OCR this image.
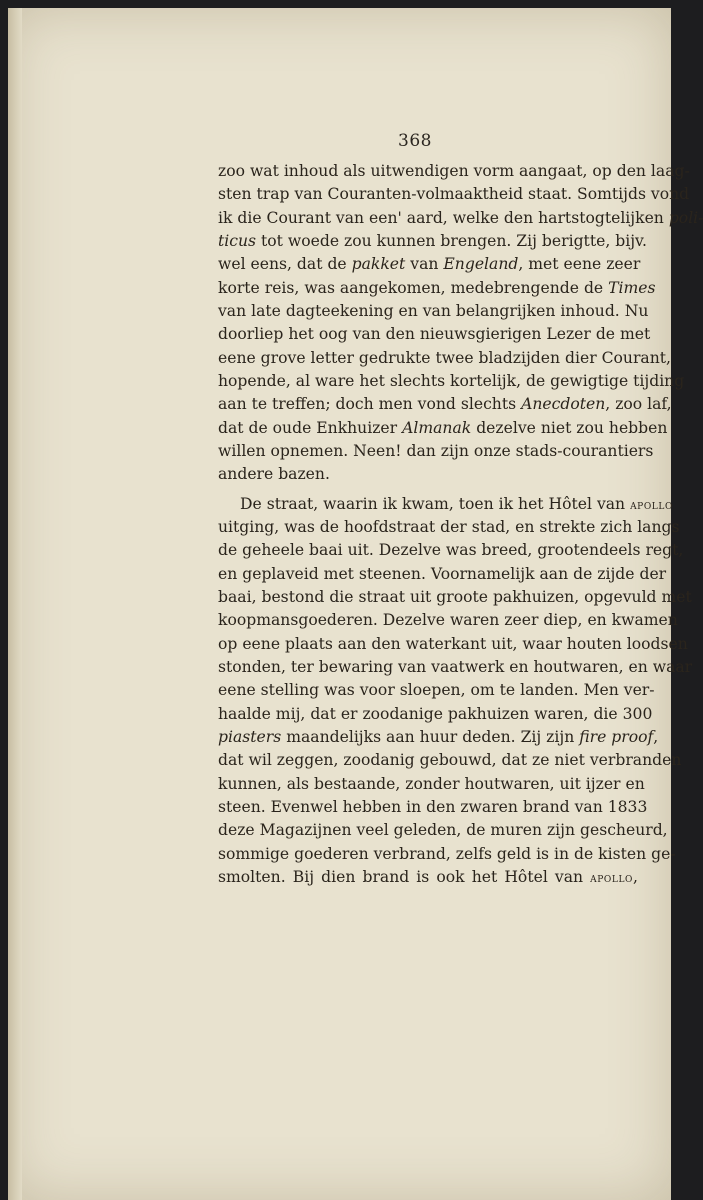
368
zoo wat inhoud als uitwendigen vorm aangaat, op den laag-
sten trap van Couranten-volmaaktheid staat. Somtijds vond
ik die Courant van een' aard, welke den hartstogtelijken poli-
ticus tot woede zou kunnen brengen. Zij berigtte, bijv.
wel eens, dat de pakket van Engeland, met eene zeer
korte reis, was aangekomen, medebrengende de Times
van late dagteekening en van belangrijken inhoud. Nu
doorliep het oog van den nieuwsgierigen Lezer de met
eene grove letter gedrukte twee bladzijden dier Courant,
hopende, al ware het slechts kortelijk, de gewigtige tijding
aan te treffen; doch men vond slechts Anecdoten, zoo laf,
dat de oude Enkhuizer Almanak dezelve niet zou hebben
willen opnemen. Neen! dan zijn onze stads-courantiers
andere bazen.
De straat, waarin ik kwam, toen ik het Hôtel van apollo
uitging, was de hoofdstraat der stad, en strekte zich langs
de geheele baai uit. Dezelve was breed, grootendeels regt,
en geplaveid met steenen. Voornamelijk aan de zijde der
baai, bestond die straat uit groote pakhuizen, opgevuld met
koopmansgoederen. Dezelve waren zeer diep, en kwamen
op eene plaats aan den waterkant uit, waar houten loodsen
stonden, ter bewaring van vaatwerk en houtwaren, en waar
eene stelling was voor sloepen, om te landen. Men ver-
haalde mij, dat er zoodanige pakhuizen waren, die 300
piasters maandelijks aan huur deden. Zij zijn fire proof,
dat wil zeggen, zoodanig gebouwd, dat ze niet verbranden
kunnen, als bestaande, zonder houtwaren, uit ijzer en
steen. Evenwel hebben in den zwaren brand van 1833
deze Magazijnen veel geleden, de muren zijn gescheurd,
sommige goederen verbrand, zelfs geld is in de kisten ge-
smolten. Bij dien brand is ook het Hôtel van apollo,
